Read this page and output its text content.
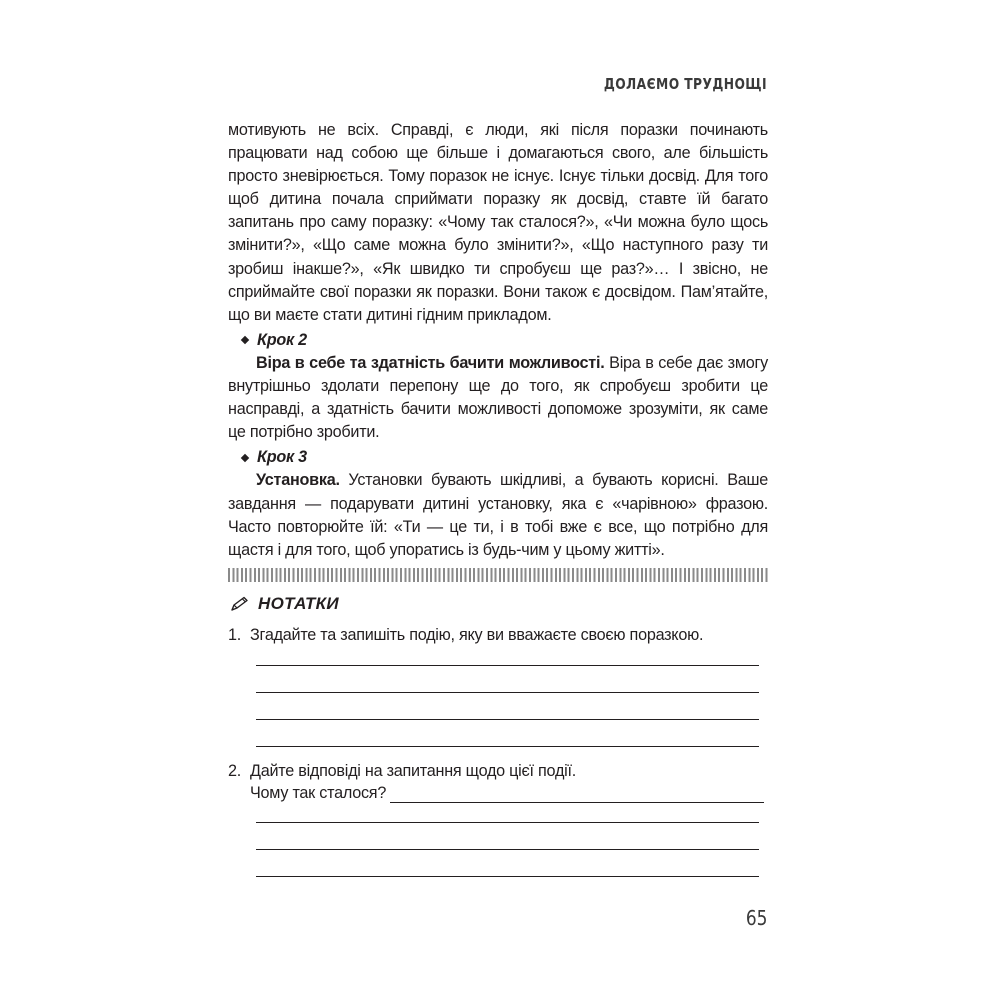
ДОЛАЄМО ТРУДНОЩІ

мотивують не всіх. Справді, є люди, які після поразки починають працювати над собою ще більше і домагаються свого, але більшість просто зневірюється. Тому поразок не існує. Існує тільки досвід. Для того щоб дитина почала сприймати поразку як досвід, ставте їй багато запитань про саму поразку: «Чому так сталося?», «Чи можна було щось змінити?», «Що саме можна було змінити?», «Що наступного разу ти зробиш інакше?», «Як швидко ти спробуєш ще раз?»… І звісно, не сприймайте свої поразки як поразки. Вони також є досвідом. Пам’ятайте, що ви маєте стати дитині гідним прикладом.

Крок 2

Віра в себе та здатність бачити можливості. Віра в себе дає змогу внутрішньо здолати перепону ще до того, як спробуєш зробити це насправді, а здатність бачити можливості допоможе зрозуміти, як саме це потрібно зробити.

Крок 3

Установка. Установки бувають шкідливі, а бувають корисні. Ваше завдання — подарувати дитині установку, яка є «чарівною» фразою. Часто повторюйте їй: «Ти — це ти, і в тобі вже є все, що потрібно для щастя і для того, щоб упоратись із будь-чим у цьому житті».

НОТАТКИ
1. Згадайте та запишіть подію, яку ви вважаєте своєю поразкою.
2. Дайте відповіді на запитання щодо цієї події.
Чому так сталося?
65
